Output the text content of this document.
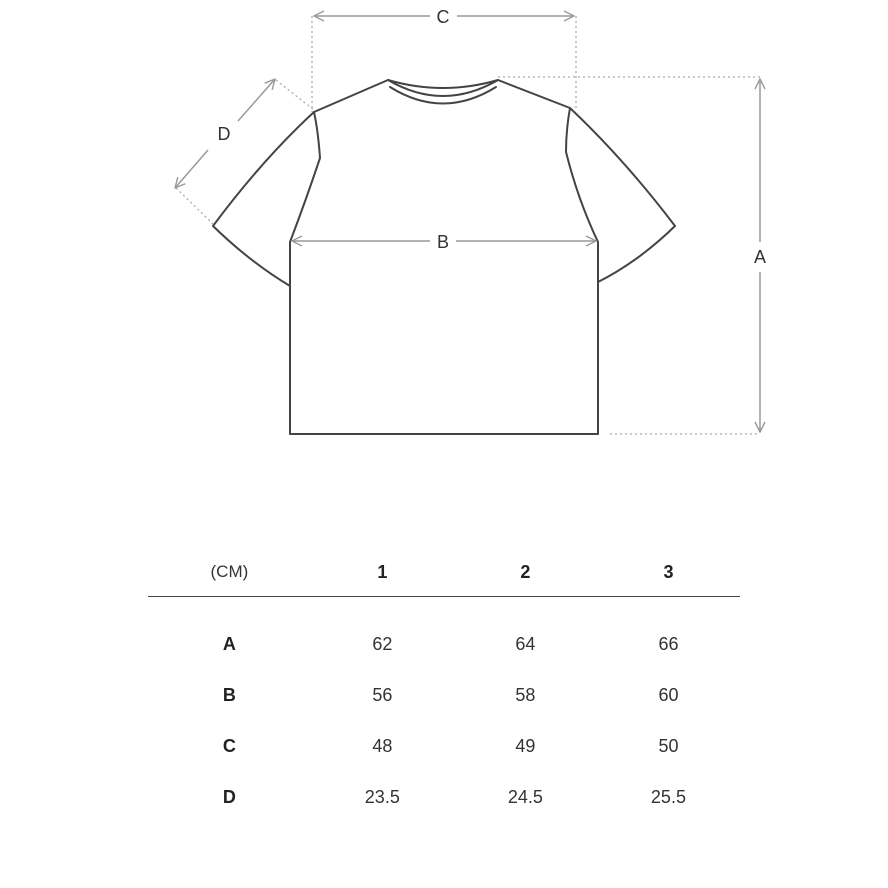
C
B
A
D
(CM)	1	2	3
A	62	64	66
B	56	58	60
C	48	49	50
D	23.5	24.5	25.5
